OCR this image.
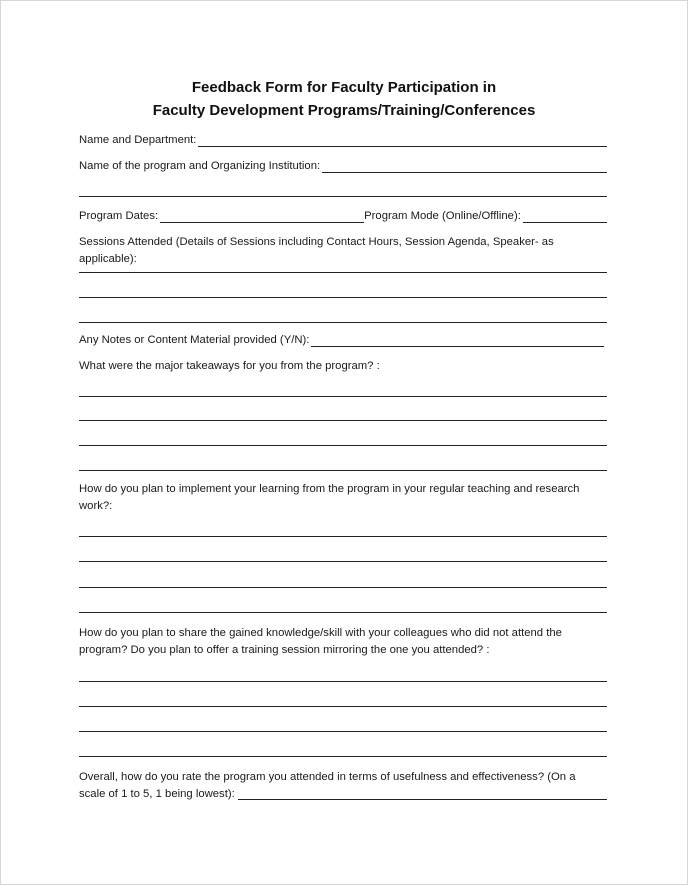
Feedback Form for Faculty Participation in
Faculty Development Programs/Training/Conferences
Name and Department:
Name of the program and Organizing Institution:
Program Dates:	Program Mode (Online/Offline):
Sessions Attended (Details of Sessions including Contact Hours, Session Agenda, Speaker- as applicable):
Any Notes or Content Material provided (Y/N):
What were the major takeaways for you from the program? :
How do you plan to implement your learning from the program in your regular teaching and research
work?:
How do you plan to share the gained knowledge/skill with your colleagues who did not attend the
program? Do you plan to offer a training session mirroring the one you attended? :
Overall, how do you rate the program you attended in terms of usefulness and effectiveness? (On a
scale of 1 to 5, 1 being lowest):
